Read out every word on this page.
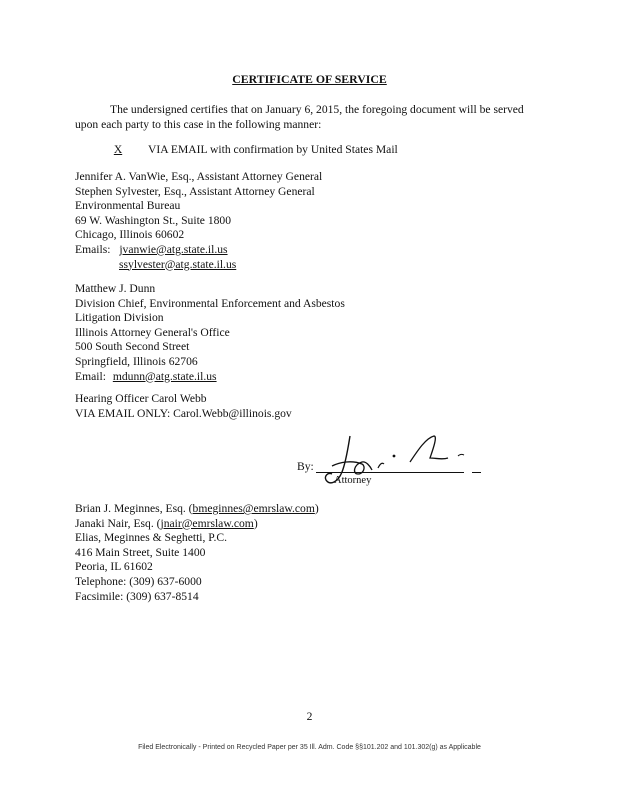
CERTIFICATE OF SERVICE
The undersigned certifies that on January 6, 2015, the foregoing document will be served
upon each party to this case in the following manner:
X	VIA EMAIL with confirmation by United States Mail
Jennifer A. VanWie, Esq., Assistant Attorney General
Stephen Sylvester, Esq., Assistant Attorney General
Environmental Bureau
69 W. Washington St., Suite 1800
Chicago, Illinois 60602
Emails: jvanwie@atg.state.il.us
ssylvester@atg.state.il.us
Matthew J. Dunn
Division Chief, Environmental Enforcement and Asbestos
Litigation Division
Illinois Attorney General's Office
500 South Second Street
Springfield, Illinois 62706
Email: mdunn@atg.state.il.us
Hearing Officer Carol Webb
VIA EMAIL ONLY: Carol.Webb@illinois.gov
By:
Attorney
Brian J. Meginnes, Esq. (bmeginnes@emrslaw.com)
Janaki Nair, Esq. (jnair@emrslaw.com)
Elias, Meginnes & Seghetti, P.C.
416 Main Street, Suite 1400
Peoria, IL 61602
Telephone: (309) 637-6000
Facsimile: (309) 637-8514
2
Filed Electronically - Printed on Recycled Paper per 35 Ill. Adm. Code §§101.202 and 101.302(g) as Applicable
